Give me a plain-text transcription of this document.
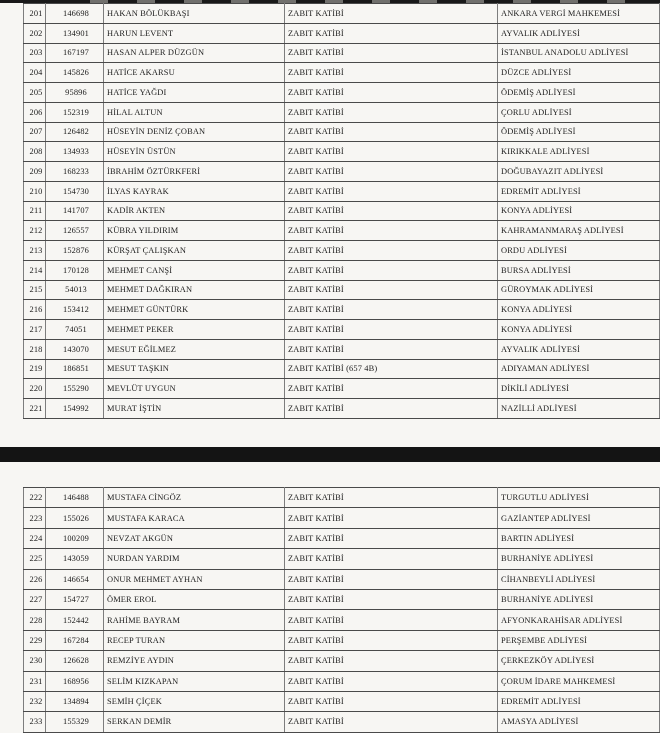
201	146698	HAKAN BÖLÜKBAŞI	ZABIT KATİBİ	ANKARA VERGİ MAHKEMESİ
202	134901	HARUN LEVENT	ZABIT KATİBİ	AYVALIK ADLİYESİ
203	167197	HASAN ALPER DÜZGÜN	ZABIT KATİBİ	İSTANBUL ANADOLU ADLİYESİ
204	145826	HATİCE AKARSU	ZABIT KATİBİ	DÜZCE ADLİYESİ
205	95896	HATİCE YAĞDI	ZABIT KATİBİ	ÖDEMİŞ ADLİYESİ
206	152319	HİLAL ALTUN	ZABIT KATİBİ	ÇORLU ADLİYESİ
207	126482	HÜSEYİN DENİZ ÇOBAN	ZABIT KATİBİ	ÖDEMİŞ ADLİYESİ
208	134933	HÜSEYİN ÜSTÜN	ZABIT KATİBİ	KIRIKKALE ADLİYESİ
209	168233	İBRAHİM ÖZTÜRKFERİ	ZABIT KATİBİ	DOĞUBAYAZIT ADLİYESİ
210	154730	İLYAS KAYRAK	ZABIT KATİBİ	EDREMİT ADLİYESİ
211	141707	KADİR AKTEN	ZABIT KATİBİ	KONYA ADLİYESİ
212	126557	KÜBRA YILDIRIM	ZABIT KATİBİ	KAHRAMANMARAŞ ADLİYESİ
213	152876	KÜRŞAT ÇALIŞKAN	ZABIT KATİBİ	ORDU ADLİYESİ
214	170128	MEHMET CANŞİ	ZABIT KATİBİ	BURSA ADLİYESİ
215	54013	MEHMET DAĞKIRAN	ZABIT KATİBİ	GÜROYMAK ADLİYESİ
216	153412	MEHMET GÜNTÜRK	ZABIT KATİBİ	KONYA ADLİYESİ
217	74051	MEHMET PEKER	ZABIT KATİBİ	KONYA ADLİYESİ
218	143070	MESUT EĞİLMEZ	ZABIT KATİBİ	AYVALIK ADLİYESİ
219	186851	MESUT TAŞKIN	ZABIT KATİBİ (657 4B)	ADIYAMAN ADLİYESİ
220	155290	MEVLÜT UYGUN	ZABIT KATİBİ	DİKİLİ ADLİYESİ
221	154992	MURAT İŞTİN	ZABIT KATİBİ	NAZİLLİ ADLİYESİ
222	146488	MUSTAFA CİNGÖZ	ZABIT KATİBİ	TURGUTLU ADLİYESİ
223	155026	MUSTAFA KARACA	ZABIT KATİBİ	GAZİANTEP ADLİYESİ
224	100209	NEVZAT AKGÜN	ZABIT KATİBİ	BARTIN ADLİYESİ
225	143059	NURDAN YARDIM	ZABIT KATİBİ	BURHANİYE ADLİYESİ
226	146654	ONUR MEHMET AYHAN	ZABIT KATİBİ	CİHANBEYLİ ADLİYESİ
227	154727	ÖMER EROL	ZABIT KATİBİ	BURHANİYE ADLİYESİ
228	152442	RAHİME BAYRAM	ZABIT KATİBİ	AFYONKARAHİSAR ADLİYESİ
229	167284	RECEP TURAN	ZABIT KATİBİ	PERŞEMBE ADLİYESİ
230	126628	REMZİYE AYDIN	ZABIT KATİBİ	ÇERKEZKÖY ADLİYESİ
231	168956	SELİM KIZKAPAN	ZABIT KATİBİ	ÇORUM İDARE MAHKEMESİ
232	134894	SEMİH ÇİÇEK	ZABIT KATİBİ	EDREMİT ADLİYESİ
233	155329	SERKAN DEMİR	ZABIT KATİBİ	AMASYA ADLİYESİ
